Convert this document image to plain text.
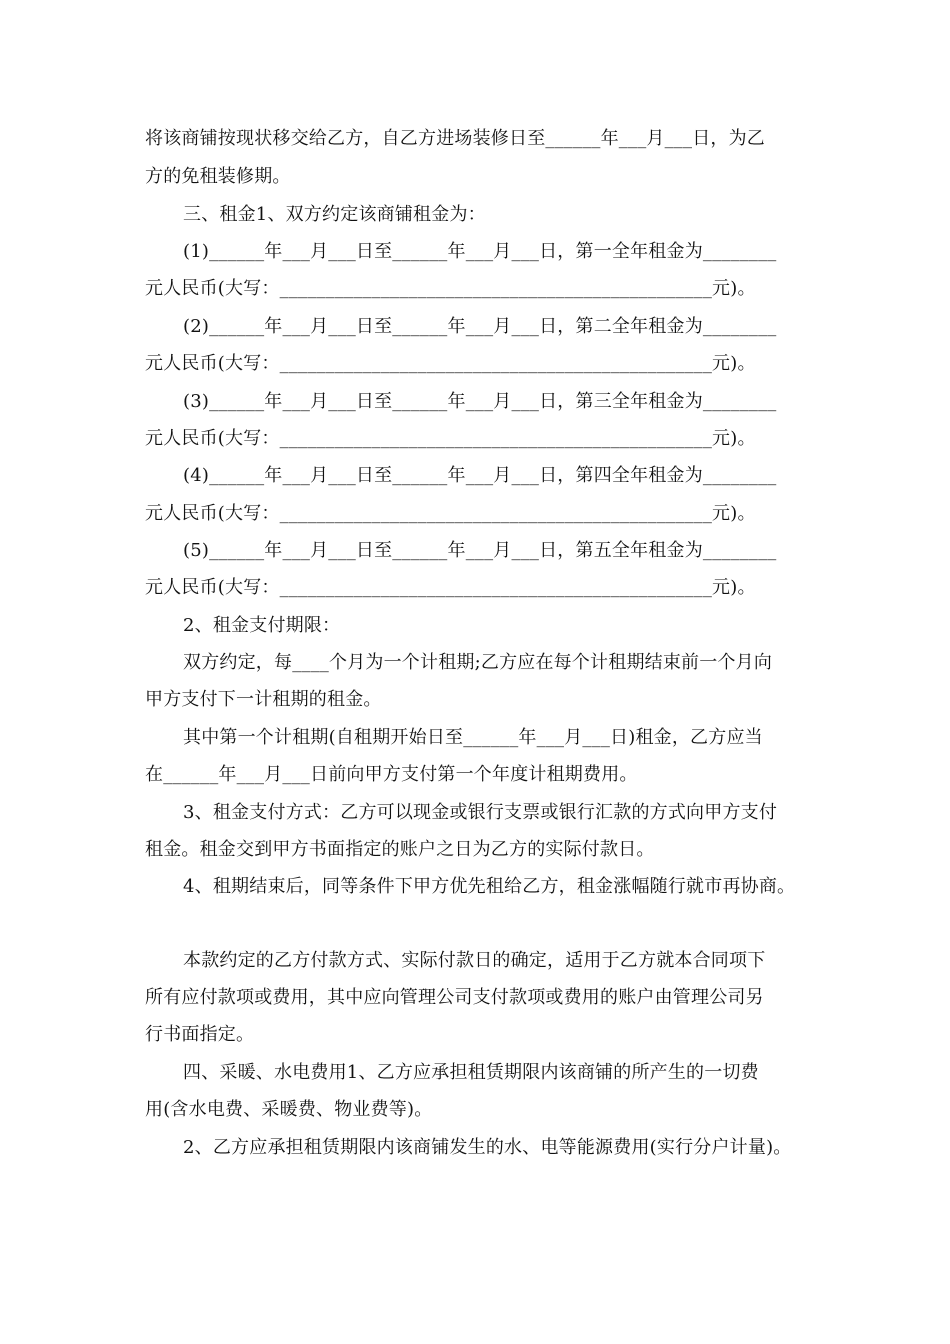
将该商铺按现状移交给乙方，自乙方进场装修日至______年___月___日，为乙
方的免租装修期。
三、租金1、双方约定该商铺租金为：
(1)______年___月___日至______年___月___日，第一全年租金为________
元人民币(大写：_______________________________________________元)。
(2)______年___月___日至______年___月___日，第二全年租金为________
元人民币(大写：_______________________________________________元)。
(3)______年___月___日至______年___月___日，第三全年租金为________
元人民币(大写：_______________________________________________元)。
(4)______年___月___日至______年___月___日，第四全年租金为________
元人民币(大写：_______________________________________________元)。
(5)______年___月___日至______年___月___日，第五全年租金为________
元人民币(大写：_______________________________________________元)。
2、租金支付期限：
双方约定，每____个月为一个计租期;乙方应在每个计租期结束前一个月向
甲方支付下一计租期的租金。
其中第一个计租期(自租期开始日至______年___月___日)租金，乙方应当
在______年___月___日前向甲方支付第一个年度计租期费用。
3、租金支付方式：乙方可以现金或银行支票或银行汇款的方式向甲方支付
租金。租金交到甲方书面指定的账户之日为乙方的实际付款日。
4、租期结束后，同等条件下甲方优先租给乙方，租金涨幅随行就市再协商。
本款约定的乙方付款方式、实际付款日的确定，适用于乙方就本合同项下
所有应付款项或费用，其中应向管理公司支付款项或费用的账户由管理公司另
行书面指定。
四、采暖、水电费用1、乙方应承担租赁期限内该商铺的所产生的一切费
用(含水电费、采暖费、物业费等)。
2、乙方应承担租赁期限内该商铺发生的水、电等能源费用(实行分户计量)。
